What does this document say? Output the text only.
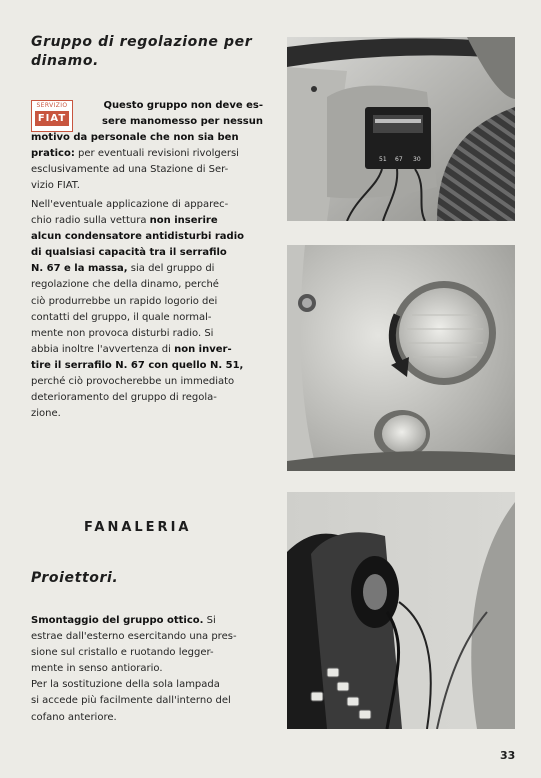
Gruppo di regolazione per
dinamo.
SERVIZIO
FIAT

Questo gruppo non deve es-

sere manomesso per nessun

motivo da personale che non sia ben

pratico: per eventuali revisioni rivolgersi

esclusivamente ad una Stazione di Ser-

vizio FIAT.

Nell'eventuale applicazione di apparec-

chio radio sulla vettura non inserire

alcun condensatore antidisturbi radio

di qualsiasi capacità tra il serrafilo

N. 67 e la massa, sia del gruppo di

regolazione che della dinamo, perché

ciò produrrebbe un rapido logorio dei

contatti del gruppo, il quale normal-

mente non provoca disturbi radio. Si

abbia inoltre l'avvertenza di non inver-

tire il serrafilo N. 67 con quello N. 51,

perché ciò provocherebbe un immediato

deterioramento del gruppo di regola-

zione.

FANALERIA
Proiettori.

Smontaggio del gruppo ottico. Si

estrae dall'esterno esercitando una pres-

sione sul cristallo e ruotando legger-

mente in senso antiorario.

Per la sostituzione della sola lampada

si accede più facilmente dall'interno del

cofano anteriore.

51 67 30
33
